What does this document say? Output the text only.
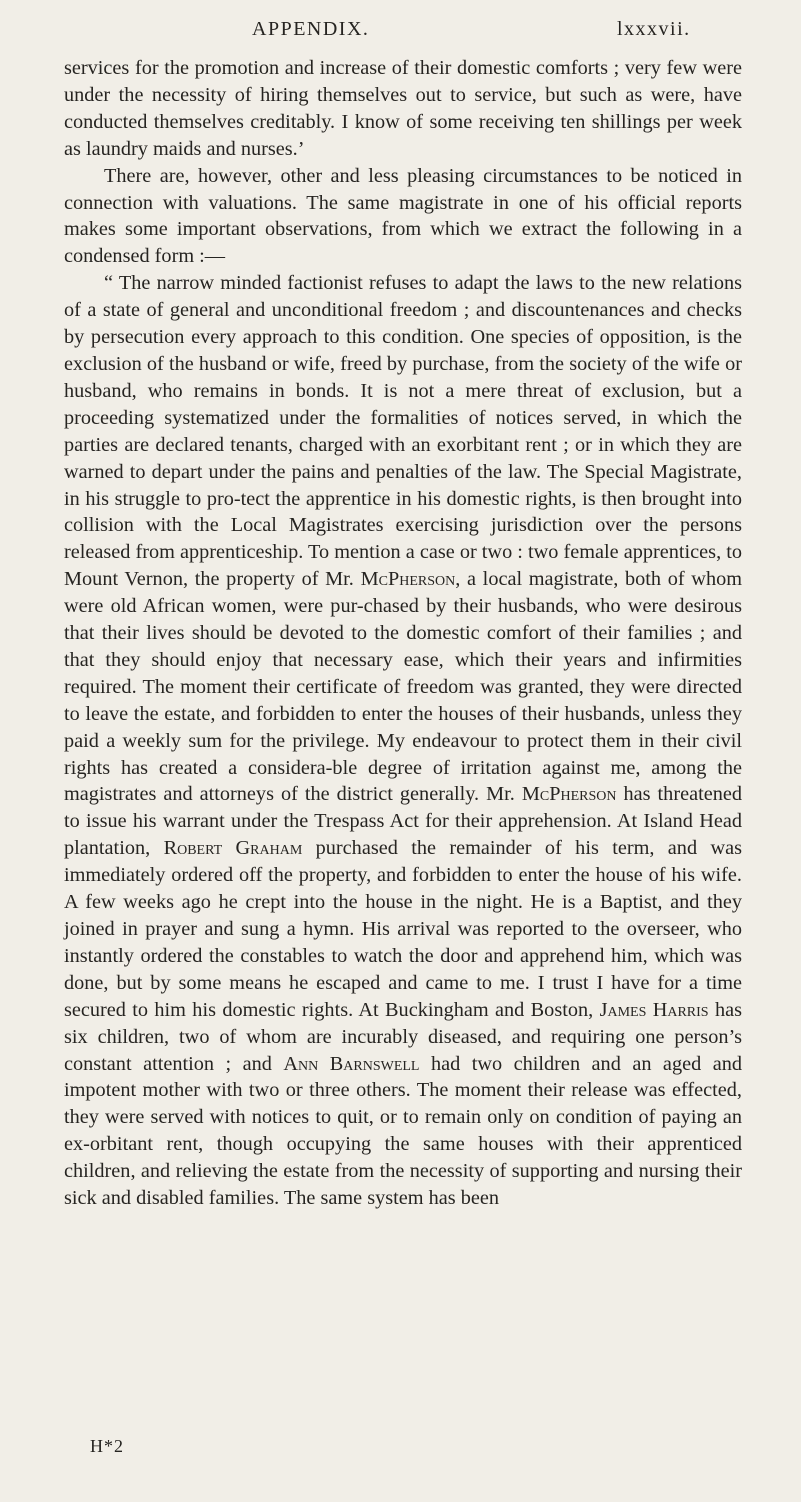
APPENDIX.	lxxxvii.

services for the promotion and increase of their domestic comforts ; very few were under the necessity of hiring themselves out to service, but such as were, have conducted themselves creditably. I know of some receiving ten shillings per week as laundry maids and nurses.’

There are, however, other and less pleasing circumstances to be noticed in connection with valuations. The same magistrate in one of his official reports makes some important observations, from which we extract the following in a condensed form :—

“ The narrow minded factionist refuses to adapt the laws to the new relations of a state of general and unconditional freedom ; and discountenances and checks by persecution every approach to this condition. One species of opposition, is the exclusion of the husband or wife, freed by purchase, from the society of the wife or husband, who remains in bonds. It is not a mere threat of exclusion, but a proceeding systematized under the formalities of notices served, in which the parties are declared tenants, charged with an exorbitant rent ; or in which they are warned to depart under the pains and penalties of the law. The Special Magistrate, in his struggle to pro-tect the apprentice in his domestic rights, is then brought into collision with the Local Magistrates exercising jurisdiction over the persons released from apprenticeship. To mention a case or two : two female apprentices, to Mount Vernon, the property of Mr. McPherson, a local magistrate, both of whom were old African women, were pur-chased by their husbands, who were desirous that their lives should be devoted to the domestic comfort of their families ; and that they should enjoy that necessary ease, which their years and infirmities required. The moment their certificate of freedom was granted, they were directed to leave the estate, and forbidden to enter the houses of their husbands, unless they paid a weekly sum for the privilege. My endeavour to protect them in their civil rights has created a considera-ble degree of irritation against me, among the magistrates and attorneys of the district generally. Mr. McPherson has threatened to issue his warrant under the Trespass Act for their apprehension. At Island Head plantation, Robert Graham purchased the remainder of his term, and was immediately ordered off the property, and forbidden to enter the house of his wife. A few weeks ago he crept into the house in the night. He is a Baptist, and they joined in prayer and sung a hymn. His arrival was reported to the overseer, who instantly ordered the constables to watch the door and apprehend him, which was done, but by some means he escaped and came to me. I trust I have for a time secured to him his domestic rights. At Buckingham and Boston, James Harris has six children, two of whom are incurably diseased, and requiring one person’s constant attention ; and Ann Barnswell had two children and an aged and impotent mother with two or three others. The moment their release was effected, they were served with notices to quit, or to remain only on condition of paying an ex-orbitant rent, though occupying the same houses with their apprenticed children, and relieving the estate from the necessity of supporting and nursing their sick and disabled families. The same system has been

H*2
